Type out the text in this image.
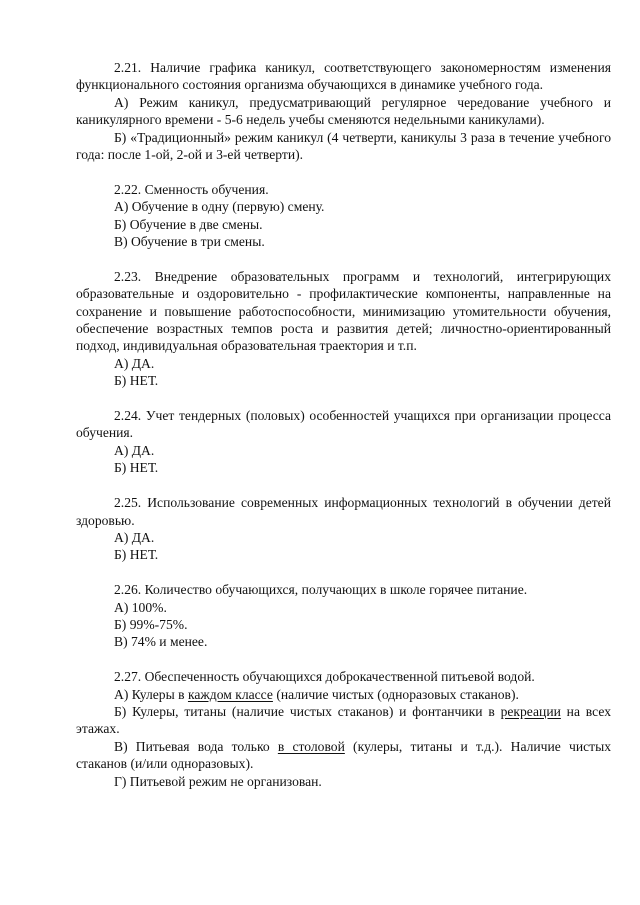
2.21. Наличие графика каникул, соответствующего закономерностям изменения функционального состояния организма обучающихся в динамике учебного года.

А) Режим каникул, предусматривающий регулярное чередование учебного и каникулярного времени - 5-6 недель учебы сменяются недельными каникулами).

Б) «Традиционный» режим каникул (4 четверти, каникулы 3 раза в течение учебного года: после 1-ой, 2-ой и 3-ей четверти).

2.22. Сменность обучения.

А) Обучение в одну (первую) смену.

Б) Обучение в две смены.

В) Обучение в три смены.

2.23. Внедрение образовательных программ и технологий, интегрирующих образовательные и оздоровительно - профилактические компоненты, направленные на сохранение и повышение работоспособности, минимизацию утомительности обучения, обеспечение возрастных темпов роста и развития детей; личностно-ориентированный подход, индивидуальная образовательная траектория и т.п.

А) ДА.

Б) НЕТ.

2.24. Учет тендерных (половых) особенностей учащихся при организации процесса обучения.

А) ДА.

Б) НЕТ.

2.25. Использование современных информационных технологий в обучении детей здоровью.

А) ДА.

Б) НЕТ.

2.26. Количество обучающихся, получающих в школе горячее питание.

А) 100%.

Б) 99%-75%.

В) 74% и менее.

2.27. Обеспеченность обучающихся доброкачественной питьевой водой.

А) Кулеры в каждом классе (наличие чистых (одноразовых стаканов).

Б) Кулеры, титаны (наличие чистых стаканов) и фонтанчики в рекреации на всех этажах.

В) Питьевая вода только в столовой (кулеры, титаны и т.д.). Наличие чистых стаканов (и/или одноразовых).

Г) Питьевой режим не организован.
